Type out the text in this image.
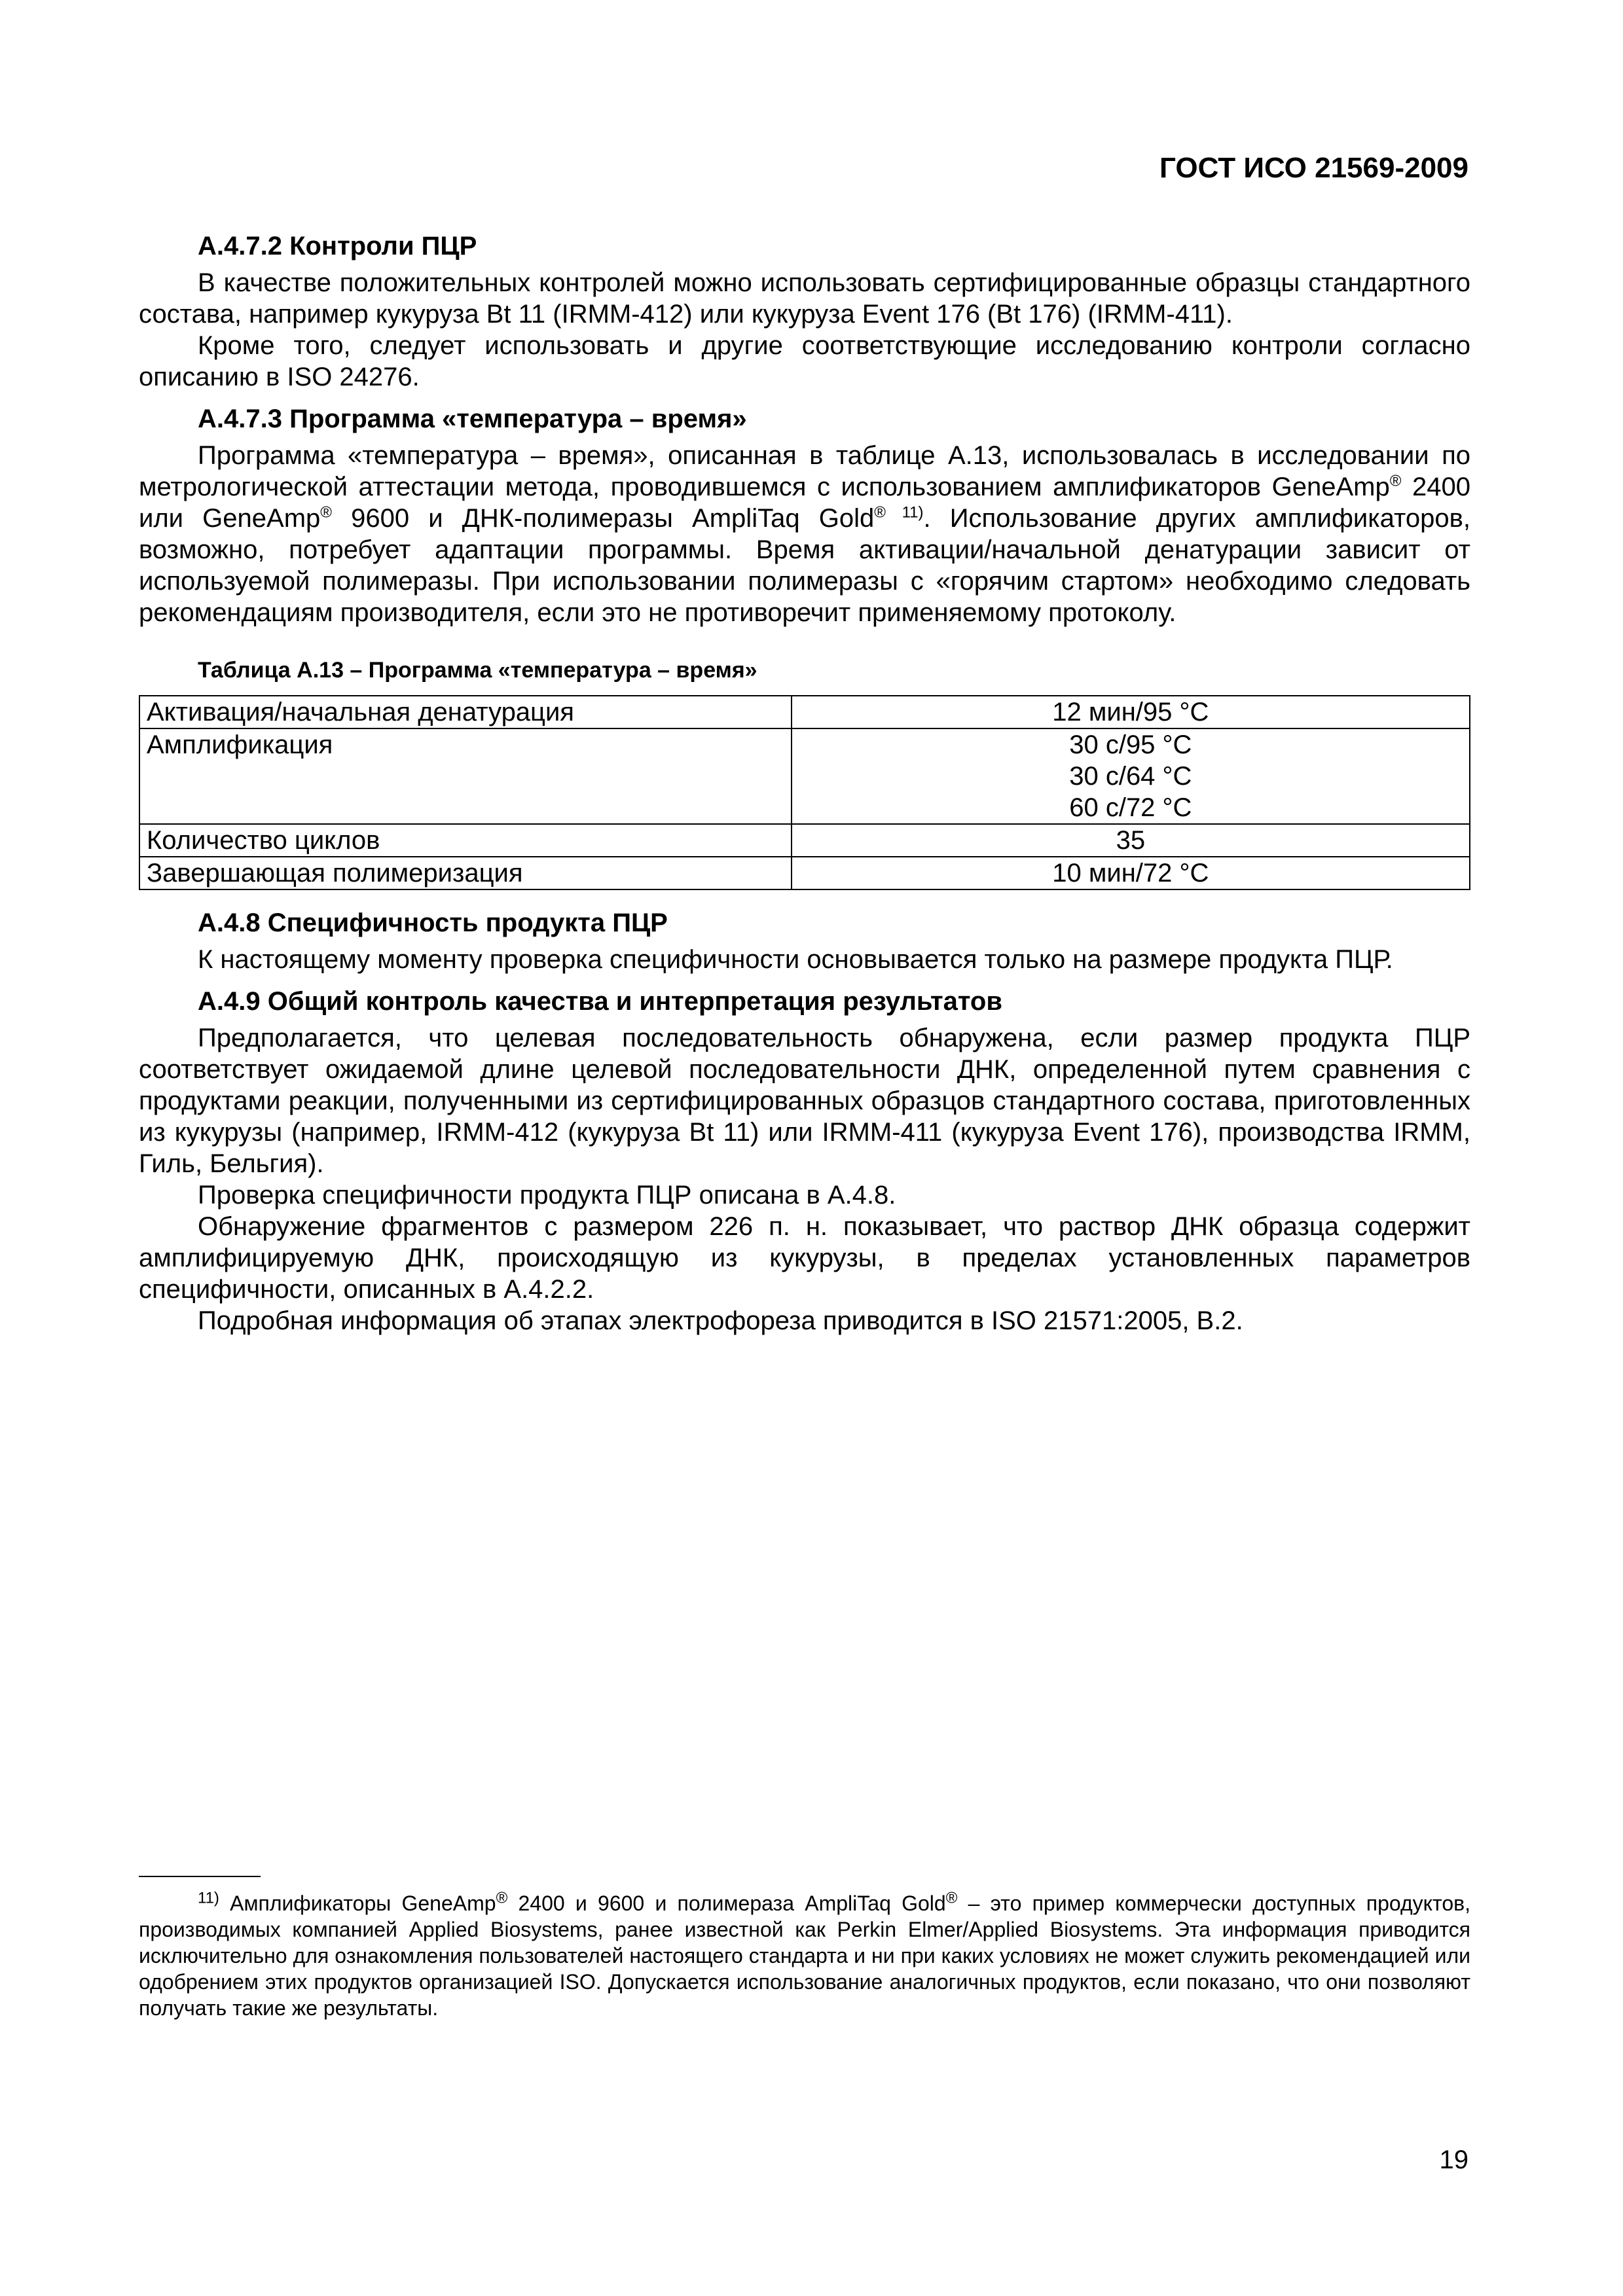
ГОСТ ИСО 21569-2009
А.4.7.2 Контроли ПЦР

В качестве положительных контролей можно использовать сертифицированные образцы стандартного состава, например кукуруза Bt 11 (IRMM-412) или кукуруза Event 176 (Bt 176) (IRMM-411).

Кроме того, следует использовать и другие соответствующие исследованию контроли согласно описанию в ISO 24276.

А.4.7.3 Программа «температура – время»

Программа «температура – время», описанная в таблице А.13, использовалась в исследовании по метрологической аттестации метода, проводившемся с использованием амплификаторов GeneAmp® 2400 или GeneAmp® 9600 и ДНК-полимеразы AmpliTaq Gold® $^{11)}$. Использование других амплификаторов, возможно, потребует адаптации программы. Время активации/начальной денатурации зависит от используемой полимеразы. При использовании полимеразы с «горячим стартом» необходимо следовать рекомендациям производителя, если это не противоречит применяемому протоколу.

Таблица А.13 – Программа «температура – время»
Активация/начальная денатурация	12 мин/95 °С
Амплификация	30 с/95 °С
30 с/64 °С
60 с/72 °С

Количество циклов	35
Завершающая полимеризация	10 мин/72 °С
А.4.8 Специфичность продукта ПЦР

К настоящему моменту проверка специфичности основывается только на размере продукта ПЦР.

А.4.9 Общий контроль качества и интерпретация результатов

Предполагается, что целевая последовательность обнаружена, если размер продукта ПЦР соответствует ожидаемой длине целевой последовательности ДНК, определенной путем сравнения с продуктами реакции, полученными из сертифицированных образцов стандартного состава, приготовленных из кукурузы (например, IRMM-412 (кукуруза Bt 11) или IRMM-411 (кукуруза Event 176), производства IRMM, Гиль, Бельгия).

Проверка специфичности продукта ПЦР описана в А.4.8.

Обнаружение фрагментов с размером 226 п. н. показывает, что раствор ДНК образца содержит амплифицируемую ДНК, происходящую из кукурузы, в пределах установленных параметров специфичности, описанных в А.4.2.2.

Подробная информация об этапах электрофореза приводится в ISO 21571:2005, В.2.

$^{11)}$ Амплификаторы GeneAmp® 2400 и 9600 и полимераза AmpliTaq Gold® – это пример коммерчески доступных продуктов, производимых компанией Applied Biosystems, ранее известной как Perkin Elmer/Applied Biosystems. Эта информация приводится исключительно для ознакомления пользователей настоящего стандарта и ни при каких условиях не может служить рекомендацией или одобрением этих продуктов организацией ISO. Допускается использование аналогичных продуктов, если показано, что они позволяют получать такие же результаты.
19
